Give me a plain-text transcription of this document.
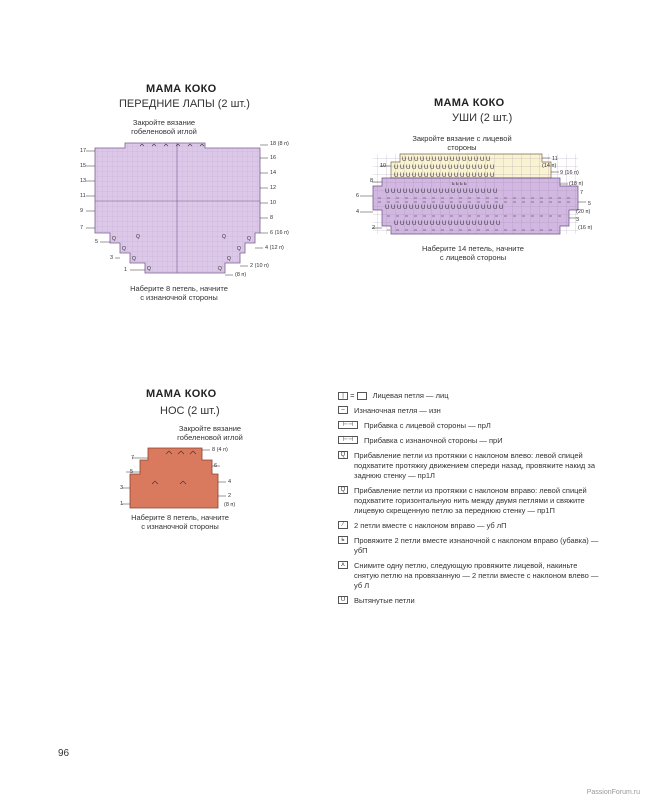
МАМА КОКО
ПЕРЕДНИЕ ЛАПЫ (2 шт.)
Закройте вязание
гобеленовой иглой
Q
Q
Q
Q
Q
Q
Q
Q
Q
Q
18 (8 п)
16
14
12
10
8
6 (16 п)
4 (12 п)
2 (10 п)
(8 п)
17
15
13
11
9
7
5
3
1
Наберите 8 петель, начните
с изнаночной стороны
МАМА КОКО
УШИ (2 шт.)
Закройте вязание с лицевой
стороны
U U U U U U U U U U U U U U U
U U U U U U U U U U U U U U U U U
U U U U U U U U U U U U U U U U U
U U U U U U U U U U U U U U U U U U U
U U U U U U U U U U U U U U U U U U U U
U U U U U U U U U U U U U U U U U U
ь ь ь ь
11
(14 п)
9 (16 п)
(18 п)
7
5
(20 п)
3
(16 п)
10
8
6
4
2
Наберите 14 петель, начните
с лицевой стороны
МАМА КОКО
НОС (2 шт.)
Закройте вязание
гобеленовой иглой
8 (4 п)
6
4
2
(8 п)
7
5
3
1
Наберите 8 петель, начните
с изнаночной стороны
| =	Лицевая петля — лиц
–	Изнаночная петля — изн
⊢⊣	Прибавка с лицевой стороны — прЛ
⊢⊣	Прибавка с изнаночной стороны — прИ
Q	Прибавление петли из протяжки с наклоном влево: левой спицей подхватите протяжку движением спереди назад, провяжите накид за заднюю стенку — пр1Л
Q	Прибавление петли из протяжки с наклоном вправо: левой спицей подхватите горизонтальную нить между двумя петлями и свяжите лицевую скрещенную петлю за переднюю стенку — пр1П
⁄	2 петли вместе с наклоном вправо — уб лП
ь	Провяжите 2 петли вместе изнаночной с наклоном вправо (убавка) — убП
⋏	Снимите одну петлю, следующую провяжите лицевой, накиньте снятую петлю на провязанную — 2 петли вместе с наклоном влево — уб Л
U	Вытянутые петли
96
PassionForum.ru
